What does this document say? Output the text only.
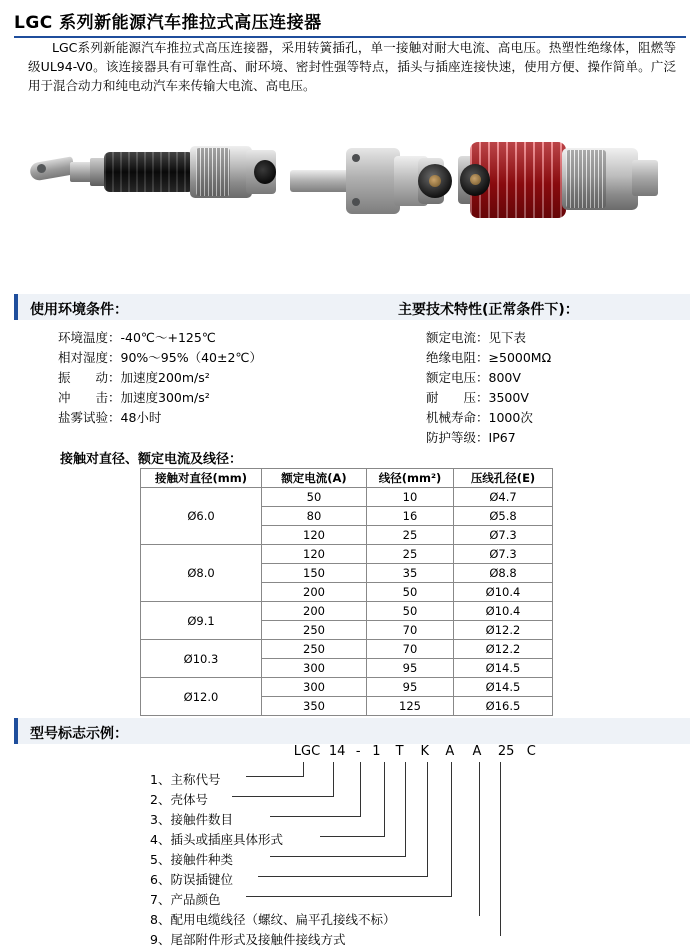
LGC 系列新能源汽车推拉式高压连接器
LGC系列新能源汽车推拉式高压连接器，采用转簧插孔，单一接触对耐大电流、高电压。热塑性绝缘体，阻燃等级UL94-V0。该连接器具有可靠性高、耐环境、密封性强等特点，插头与插座连接快速，使用方便、操作简单。广泛用于混合动力和纯电动汽车来传输大电流、高电压。
使用环境条件：	主要技术特性(正常条件下)：
环境温度： -40℃～+125℃
相对湿度： 90%～95%（40±2℃）
振　　动： 加速度200m/s²
冲　　击： 加速度300m/s²
盐雾试验： 48小时
额定电流： 见下表
绝缘电阻： ≥5000MΩ
额定电压： 800V
耐　　压： 3500V
机械寿命： 1000次
防护等级： IP67
接触对直径、额定电流及线径：
接触对直径(mm)	额定电流(A)	线径(mm²)	压线孔径(E)
Ø6.0	50	10	Ø4.7
	80	16	Ø5.8
	120	25	Ø7.3
Ø8.0	120	25	Ø7.3
	150	35	Ø8.8
	200	50	Ø10.4
Ø9.1	200	50	Ø10.4
	250	70	Ø12.2
Ø10.3	250	70	Ø12.2
	300	95	Ø14.5
Ø12.0	300	95	Ø14.5
	350	125	Ø16.5
型号标志示例：
LGC 14 - 1 T K A A 25 C
1、主称代号
2、壳体号
3、接触件数目
4、插头或插座具体形式
5、接触件种类
6、防误插键位
7、产品颜色
8、配用电缆线径（螺纹、扁平孔接线不标）
9、尾部附件形式及接触件接线方式
